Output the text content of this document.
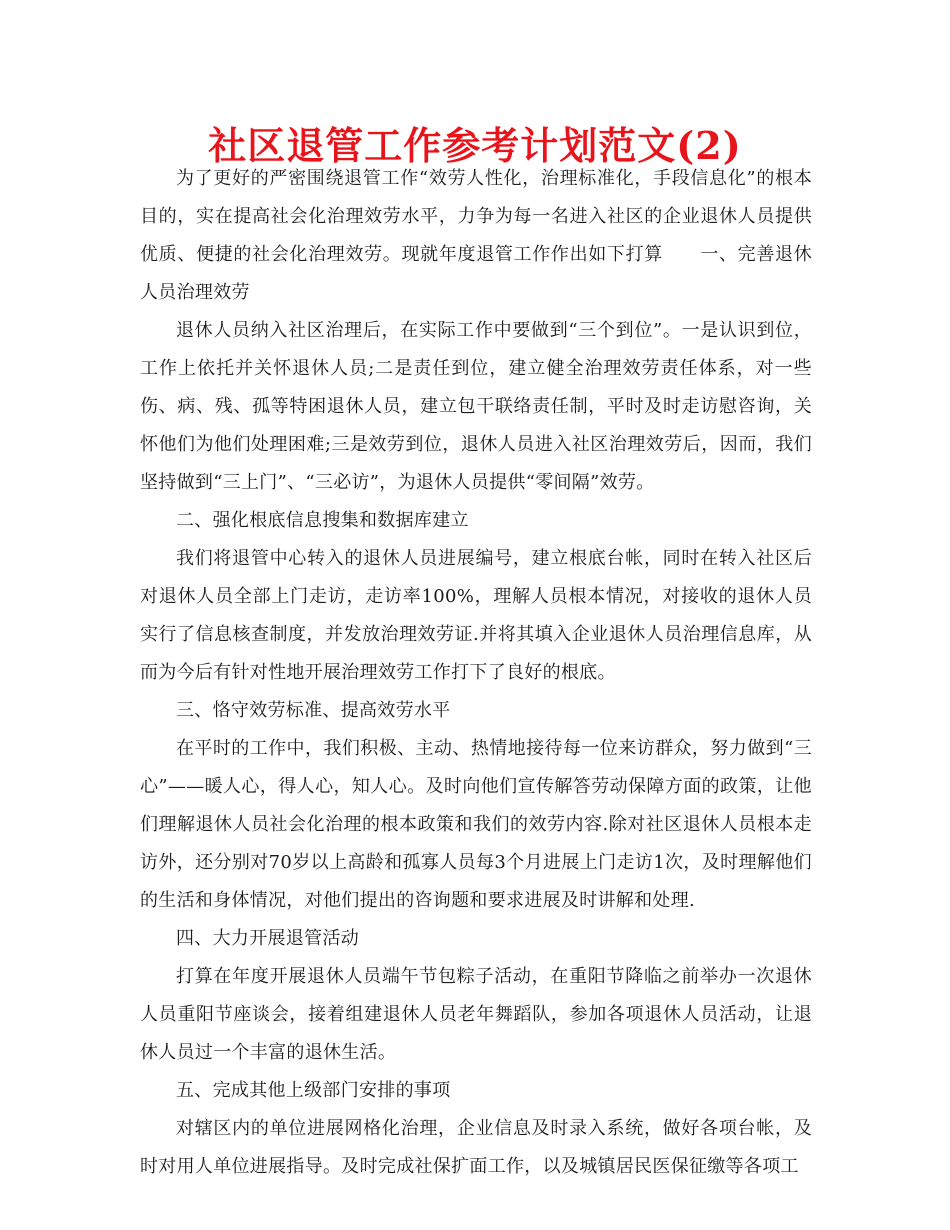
社区退管工作参考计划范文(2)

为了更好的严密围绕退管工作“效劳人性化，治理标准化，手段信息化”的根本目的，实在提高社会化治理效劳水平，力争为每一名进入社区的企业退休人员提供优质、便捷的社会化治理效劳。现就年度退管工作作出如下打算　　一、完善退休人员治理效劳

退休人员纳入社区治理后，在实际工作中要做到“三个到位”。一是认识到位，工作上依托并关怀退休人员;二是责任到位，建立健全治理效劳责任体系，对一些伤、病、残、孤等特困退休人员，建立包干联络责任制，平时及时走访慰咨询，关怀他们为他们处理困难;三是效劳到位，退休人员进入社区治理效劳后，因而，我们坚持做到“三上门”、“三必访”，为退休人员提供“零间隔”效劳。

二、强化根底信息搜集和数据库建立

我们将退管中心转入的退休人员进展编号，建立根底台帐，同时在转入社区后对退休人员全部上门走访，走访率100%，理解人员根本情况，对接收的退休人员实行了信息核查制度，并发放治理效劳证.并将其填入企业退休人员治理信息库，从而为今后有针对性地开展治理效劳工作打下了良好的根底。

三、恪守效劳标准、提高效劳水平

在平时的工作中，我们积极、主动、热情地接待每一位来访群众，努力做到“三心”——暖人心，得人心，知人心。及时向他们宣传解答劳动保障方面的政策，让他们理解退休人员社会化治理的根本政策和我们的效劳内容.除对社区退休人员根本走访外，还分别对70岁以上高龄和孤寡人员每3个月进展上门走访1次，及时理解他们的生活和身体情况，对他们提出的咨询题和要求进展及时讲解和处理.

四、大力开展退管活动

打算在年度开展退休人员端午节包粽子活动，在重阳节降临之前举办一次退休人员重阳节座谈会，接着组建退休人员老年舞蹈队，参加各项退休人员活动，让退休人员过一个丰富的退休生活。

五、完成其他上级部门安排的事项

对辖区内的单位进展网格化治理，企业信息及时录入系统，做好各项台帐，及时对用人单位进展指导。及时完成社保扩面工作，以及城镇居民医保征缴等各项工
